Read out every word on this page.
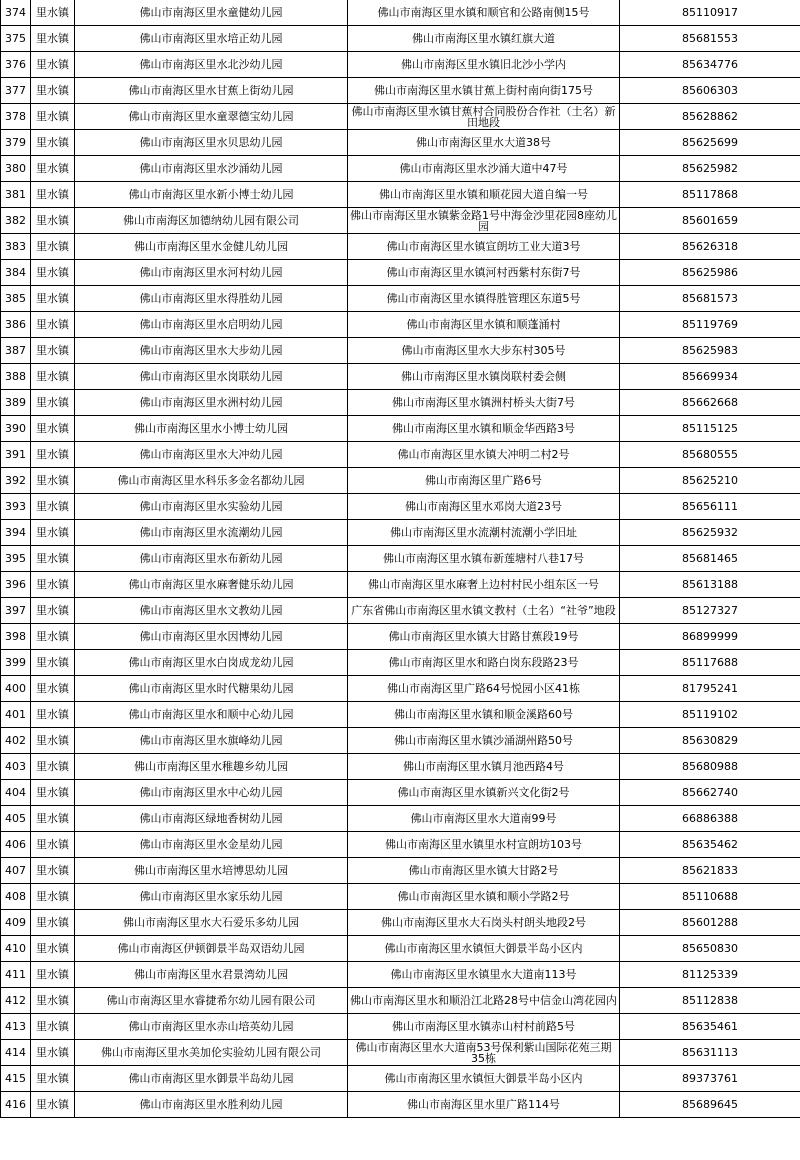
374	里水镇	佛山市南海区里水童健幼儿园	佛山市南海区里水镇和顺官和公路南侧15号	85110917
375	里水镇	佛山市南海区里水培正幼儿园	佛山市南海区里水镇红旗大道	85681553
376	里水镇	佛山市南海区里水北沙幼儿园	佛山市南海区里水镇旧北沙小学内	85634776
377	里水镇	佛山市南海区里水甘蕉上街幼儿园	佛山市南海区里水镇甘蕉上街村南向街175号	85606303
378	里水镇	佛山市南海区里水童翠德宝幼儿园	佛山市南海区里水镇甘蕉村合同股份合作社（土名）新田地段	85628862
379	里水镇	佛山市南海区里水贝思幼儿园	佛山市南海区里水大道38号	85625699
380	里水镇	佛山市南海区里水沙涌幼儿园	佛山市南海区里水沙涌大道中47号	85625982
381	里水镇	佛山市南海区里水新小博士幼儿园	佛山市南海区里水镇和顺花园大道自编一号	85117868
382	里水镇	佛山市南海区加德纳幼儿园有限公司	佛山市南海区里水镇紫金路1号中海金沙里花园8座幼儿园	85601659
383	里水镇	佛山市南海区里水金健儿幼儿园	佛山市南海区里水镇宣朗坊工业大道3号	85626318
384	里水镇	佛山市南海区里水河村幼儿园	佛山市南海区里水镇河村西紫村东街7号	85625986
385	里水镇	佛山市南海区里水得胜幼儿园	佛山市南海区里水镇得胜管理区东道5号	85681573
386	里水镇	佛山市南海区里水启明幼儿园	佛山市南海区里水镇和顺蓬涌村	85119769
387	里水镇	佛山市南海区里水大步幼儿园	佛山市南海区里水大步东村305号	85625983
388	里水镇	佛山市南海区里水岗联幼儿园	佛山市南海区里水镇岗联村委会侧	85669934
389	里水镇	佛山市南海区里水洲村幼儿园	佛山市南海区里水镇洲村桥头大街7号	85662668
390	里水镇	佛山市南海区里水小博士幼儿园	佛山市南海区里水镇和顺金华西路3号	85115125
391	里水镇	佛山市南海区里水大冲幼儿园	佛山市南海区里水镇大冲明二村2号	85680555
392	里水镇	佛山市南海区里水科乐多金名都幼儿园	佛山市南海区里广路6号	85625210
393	里水镇	佛山市南海区里水实验幼儿园	佛山市南海区里水邓岗大道23号	85656111
394	里水镇	佛山市南海区里水流潮幼儿园	佛山市南海区里水流潮村流潮小学旧址	85625932
395	里水镇	佛山市南海区里水布新幼儿园	佛山市南海区里水镇布新莲塘村八巷17号	85681465
396	里水镇	佛山市南海区里水麻奢健乐幼儿园	佛山市南海区里水麻奢上边村村民小组东区一号	85613188
397	里水镇	佛山市南海区里水文教幼儿园	广东省佛山市南海区里水镇文教村（土名）“社爷”地段	85127327
398	里水镇	佛山市南海区里水因博幼儿园	佛山市南海区里水镇大甘路甘蕉段19号	86899999
399	里水镇	佛山市南海区里水白岗成龙幼儿园	佛山市南海区里水和路白岗东段路23号	85117688
400	里水镇	佛山市南海区里水时代糖果幼儿园	佛山市南海区里广路64号悦园小区41栋	81795241
401	里水镇	佛山市南海区里水和顺中心幼儿园	佛山市南海区里水镇和顺金溪路60号	85119102
402	里水镇	佛山市南海区里水旗峰幼儿园	佛山市南海区里水镇沙涌湖州路50号	85630829
403	里水镇	佛山市南海区里水稚趣乡幼儿园	佛山市南海区里水镇月池西路4号	85680988
404	里水镇	佛山市南海区里水中心幼儿园	佛山市南海区里水镇新兴文化街2号	85662740
405	里水镇	佛山市南海区绿地香树幼儿园	佛山市南海区里水大道南99号	66886388
406	里水镇	佛山市南海区里水金星幼儿园	佛山市南海区里水镇里水村宣朗坊103号	85635462
407	里水镇	佛山市南海区里水培博思幼儿园	佛山市南海区里水镇大甘路2号	85621833
408	里水镇	佛山市南海区里水家乐幼儿园	佛山市南海区里水镇和顺小学路2号	85110688
409	里水镇	佛山市南海区里水大石爱乐多幼儿园	佛山市南海区里水大石岗头村朗头地段2号	85601288
410	里水镇	佛山市南海区伊顿御景半岛双语幼儿园	佛山市南海区里水镇恒大御景半岛小区内	85650830
411	里水镇	佛山市南海区里水君景湾幼儿园	佛山市南海区里水镇里水大道南113号	81125339
412	里水镇	佛山市南海区里水睿捷希尔幼儿园有限公司	佛山市南海区里水和顺沿江北路28号中信金山湾花园内	85112838
413	里水镇	佛山市南海区里水赤山培英幼儿园	佛山市南海区里水镇赤山村村前路5号	85635461
414	里水镇	佛山市南海区里水美加伦实验幼儿园有限公司	佛山市南海区里水大道南53号保利紫山国际花苑三期35栋	85631113
415	里水镇	佛山市南海区里水御景半岛幼儿园	佛山市南海区里水镇恒大御景半岛小区内	89373761
416	里水镇	佛山市南海区里水胜利幼儿园	佛山市南海区里水里广路114号	85689645
